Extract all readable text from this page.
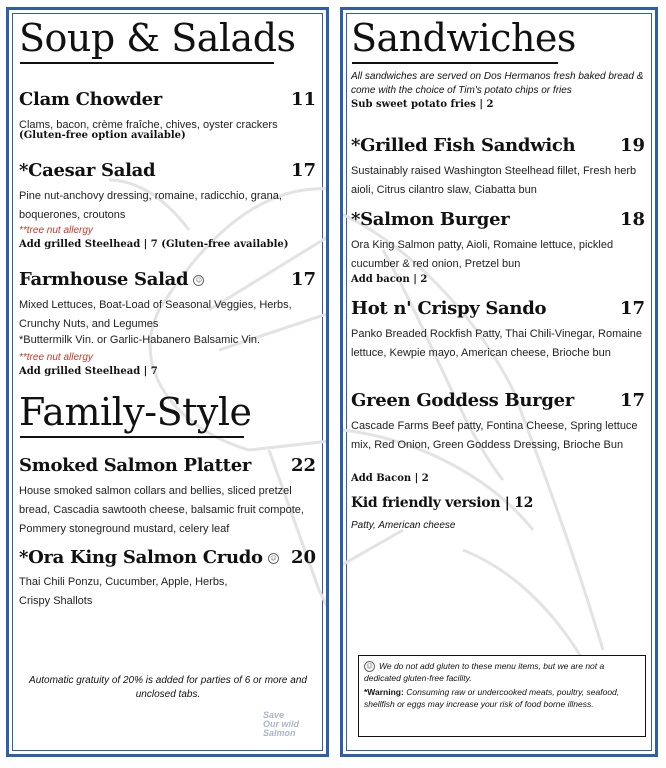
Soup & Salads
Clam Chowder	11
Clams, bacon, crème fraîche, chives, oyster crackers
(Gluten-free option available)
*Caesar Salad	17
Pine nut-anchovy dressing, romaine, radicchio, grana, boquerones, croutons
**tree nut allergy
Add grilled Steelhead | 7 (Gluten-free available)
Farmhouse Salad ☺	17
Mixed Lettuces, Boat-Load of Seasonal Veggies, Herbs, Crunchy Nuts, and Legumes
*Buttermilk Vin. or Garlic-Habanero Balsamic Vin.
**tree nut allergy
Add grilled Steelhead | 7
Family-Style
Smoked Salmon Platter 22
House smoked salmon collars and bellies, sliced pretzel bread, Cascadia sawtooth cheese, balsamic fruit compote, Pommery stoneground mustard, celery leaf
*Ora King Salmon Crudo ☺ 20
Thai Chili Ponzu, Cucumber, Apple, Herbs, Crispy Shallots
Automatic gratuity of 20% is added for parties of 6 or more and unclosed tabs.
Save
Our wild
Salmon
Sandwiches
All sandwiches are served on Dos Hermanos fresh baked bread & come with the choice of Tim's potato chips or fries
Sub sweet potato fries | 2
*Grilled Fish Sandwich 19
Sustainably raised Washington Steelhead fillet, Fresh herb aioli, Citrus cilantro slaw, Ciabatta bun
*Salmon Burger	18
Ora King Salmon patty, Aioli, Romaine lettuce, pickled cucumber & red onion, Pretzel bun
Add bacon | 2
Hot n' Crispy Sando	17
Panko Breaded Rockfish Patty, Thai Chili-Vinegar, Romaine lettuce, Kewpie mayo, American cheese, Brioche bun
Green Goddess Burger	17
Cascade Farms Beef patty, Fontina Cheese, Spring lettuce mix, Red Onion, Green Goddess Dressing, Brioche Bun
Add Bacon | 2
Kid friendly version | 12
Patty, American cheese
☺ We do not add gluten to these menu items, but we are not a dedicated gluten-free facility.
*Warning: Consuming raw or undercooked meats, poultry, seafood, shellfish or eggs may increase your risk of food borne illness.
